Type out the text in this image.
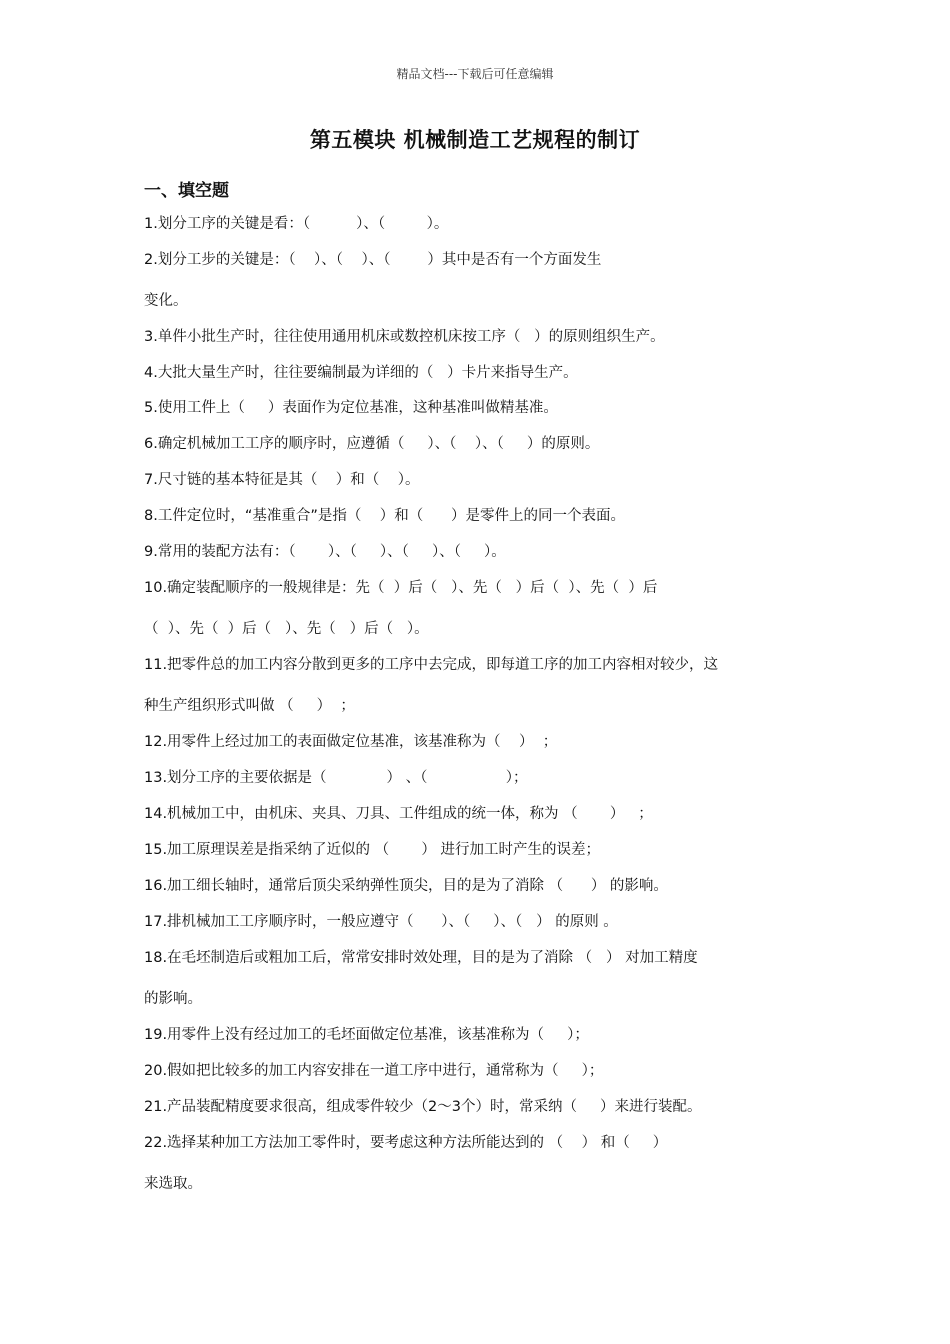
精品文档---下载后可任意编辑
第五模块 机械制造工艺规程的制订
一、填空题
1.划分工序的关键是看：（          ）、（         ）。
2.划分工步的关键是：（    ）、（    ）、（        ）其中是否有一个方面发生
变化。
3.单件小批生产时，往往使用通用机床或数控机床按工序（   ）的原则组织生产。
4.大批大量生产时，往往要编制最为详细的（   ）卡片来指导生产。
5.使用工件上（     ）表面作为定位基准，这种基准叫做精基准。
6.确定机械加工工序的顺序时，应遵循（     ）、（    ）、（     ）的原则。
7.尺寸链的基本特征是其（    ）和（    ）。
8.工件定位时，“基准重合”是指（    ）和（      ）是零件上的同一个表面。
9.常用的装配方法有：（       ）、（     ）、（     ）、（     ）。
10.确定装配顺序的一般规律是：先（  ）后（   ）、先（   ）后（  ）、先（  ）后
（  ）、先（  ）后（   ）、先（   ）后（   ）。
11.把零件总的加工内容分散到更多的工序中去完成，即每道工序的加工内容相对较少，这
种生产组织形式叫做 （     ）  ；
12.用零件上经过加工的表面做定位基准，该基准称为（    ）  ；
13.划分工序的主要依据是（             ） 、（                 ）；
14.机械加工中，由机床、夹具、刀具、工件组成的统一体，称为 （       ）   ；
15.加工原理误差是指采纳了近似的 （       ） 进行加工时产生的误差；
16.加工细长轴时，通常后顶尖采纳弹性顶尖，目的是为了消除 （      ） 的影响。
17.排机械加工工序顺序时，一般应遵守（      ）、（     ）、（   ） 的原则 。
18.在毛坯制造后或粗加工后，常常安排时效处理，目的是为了消除 （   ） 对加工精度
的影响。
19.用零件上没有经过加工的毛坯面做定位基准，该基准称为（     ）；
20.假如把比较多的加工内容安排在一道工序中进行，通常称为（     ）；
21.产品装配精度要求很高，组成零件较少（2～3个）时，常采纳（     ）来进行装配。
22.选择某种加工方法加工零件时，要考虑这种方法所能达到的 （    ） 和（     ）
来选取。
